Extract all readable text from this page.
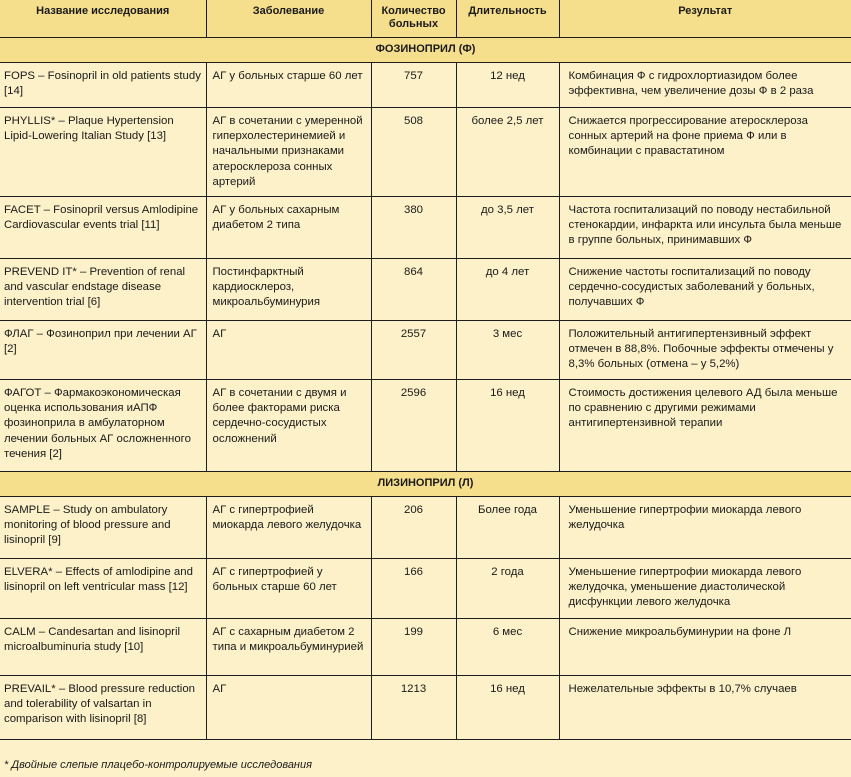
Название исследования	Заболевание	Количество больных	Длительность	Результат
ФОЗИНОПРИЛ (Ф)				
FOPS – Fosinopril in old patients study [14]	АГ у больных старше 60 лет	757	12 нед	Комбинация Ф с гидрохлортиазидом более эффективна, чем увеличение дозы Ф в 2 раза
PHYLLIS* – Plaque Hypertension Lipid-Lowering Italian Study [13]	АГ в сочетании с умеренной гиперхолестеринемией и начальными признаками атеросклероза сонных артерий	508	более 2,5 лет	Снижается прогрессирование атеросклероза сонных артерий на фоне приема Ф или в комбинации с правастатином
FACET – Fosinopril versus Amlodipine Cardiovascular events trial [11]	АГ у больных сахарным диабетом 2 типа	380	до 3,5 лет	Частота госпитализаций по поводу нестабильной стенокардии, инфаркта или инсульта была меньше в группе больных, принимавших Ф
PREVEND IT* – Prevention of renal and vascular endstage disease intervention trial [6]	Постинфарктный кардиосклероз, микроальбуминурия	864	до 4 лет	Снижение частоты госпитализаций по поводу сердечно-сосудистых заболеваний у больных, получавших Ф
ФЛАГ – Фозиноприл при лечении АГ [2]	АГ	2557	3 мес	Положительный антигипертензивный эффект отмечен в 88,8%. Побочные эффекты отмечены у 8,3% больных (отмена – у 5,2%)
ФАГОТ – Фармакоэкономическая оценка использования иАПФ фозиноприла в амбулаторном лечении больных АГ осложненного течения [2]	АГ в сочетании с двумя и более факторами риска сердечно-сосудистых осложнений	2596	16 нед	Стоимость достижения целевого АД была меньше по сравнению с другими режимами антигипертензивной терапии
ЛИЗИНОПРИЛ (Л)				
SAMPLE – Study on ambulatory monitoring of blood pressure and lisinopril [9]	АГ с гипертрофией миокарда левого желудочка	206	Более года	Уменьшение гипертрофии миокарда левого желудочка
ELVERA* – Effects of amlodipine and lisinopril on left ventricular mass [12]	АГ с гипертрофией у больных старше 60 лет	166	2 года	Уменьшение гипертрофии миокарда левого желудочка, уменьшение диастолической дисфункции левого желудочка
CALM – Candesartan and lisinopril microalbuminuria study [10]	АГ с сахарным диабетом 2 типа и микроальбуминурией	199	6 мес	Снижение микроальбуминурии на фоне Л
PREVAIL* – Blood pressure reduction and tolerability of valsartan in comparison with lisinopril [8]	АГ	1213	16 нед	Нежелательные эффекты в 10,7% случаев
* Двойные слепые плацебо-контролируемые исследования
